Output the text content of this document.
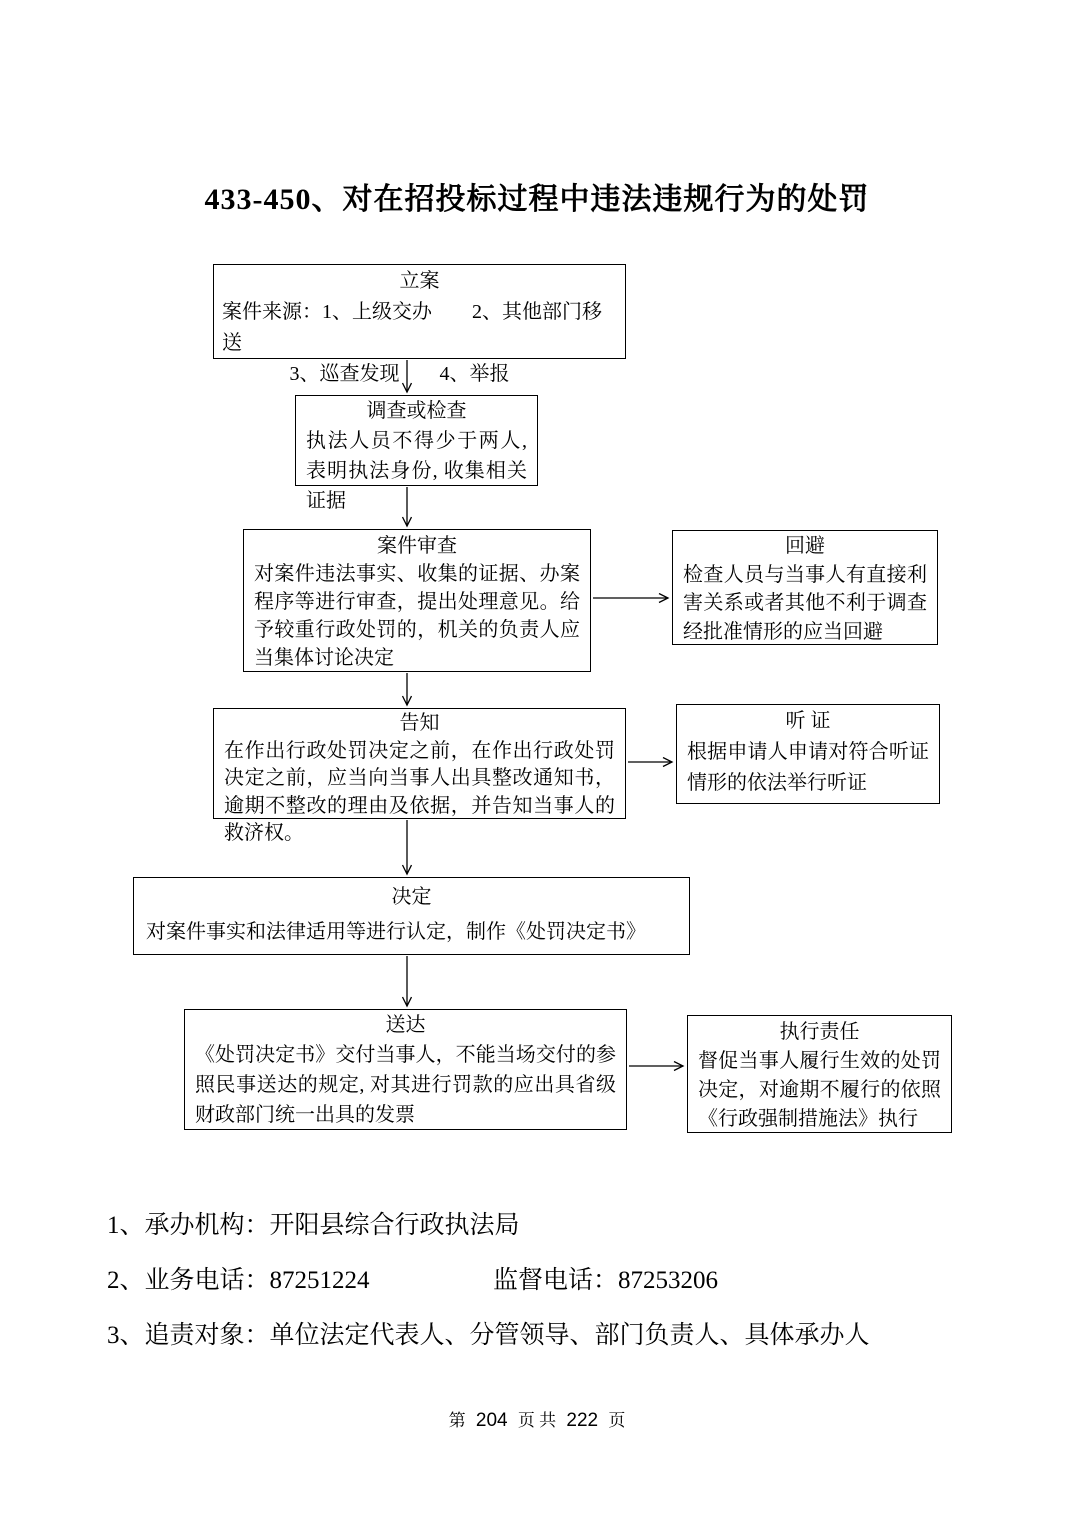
433-450、对在招投标过程中违法违规行为的处罚
立案
案件来源：1、上级交办　　2、其他部门移送
3、巡查发现　　4、举报
调查或检查
执法人员不得少于两人, 表明执法身份, 收集相关证据
案件审查
对案件违法事实、收集的证据、办案程序等进行审查，提出处理意见。给予较重行政处罚的，机关的负责人应当集体讨论决定
回避
检查人员与当事人有直接利害关系或者其他不利于调查经批准情形的应当回避
告知
在作出行政处罚决定之前，在作出行政处罚决定之前，应当向当事人出具整改通知书，逾期不整改的理由及依据，并告知当事人的救济权。
听 证
根据申请人申请对符合听证情形的依法举行听证
决定
对案件事实和法律适用等进行认定，制作《处罚决定书》
送达
《处罚决定书》交付当事人，不能当场交付的参照民事送达的规定, 对其进行罚款的应出具省级财政部门统一出具的发票
执行责任
督促当事人履行生效的处罚决定，对逾期不履行的依照《行政强制措施法》执行
1、承办机构：开阳县综合行政执法局
2、业务电话：87251224	监督电话：87253206
3、追责对象：单位法定代表人、分管领导、部门负责人、具体承办人
第 204 页 共 222 页
